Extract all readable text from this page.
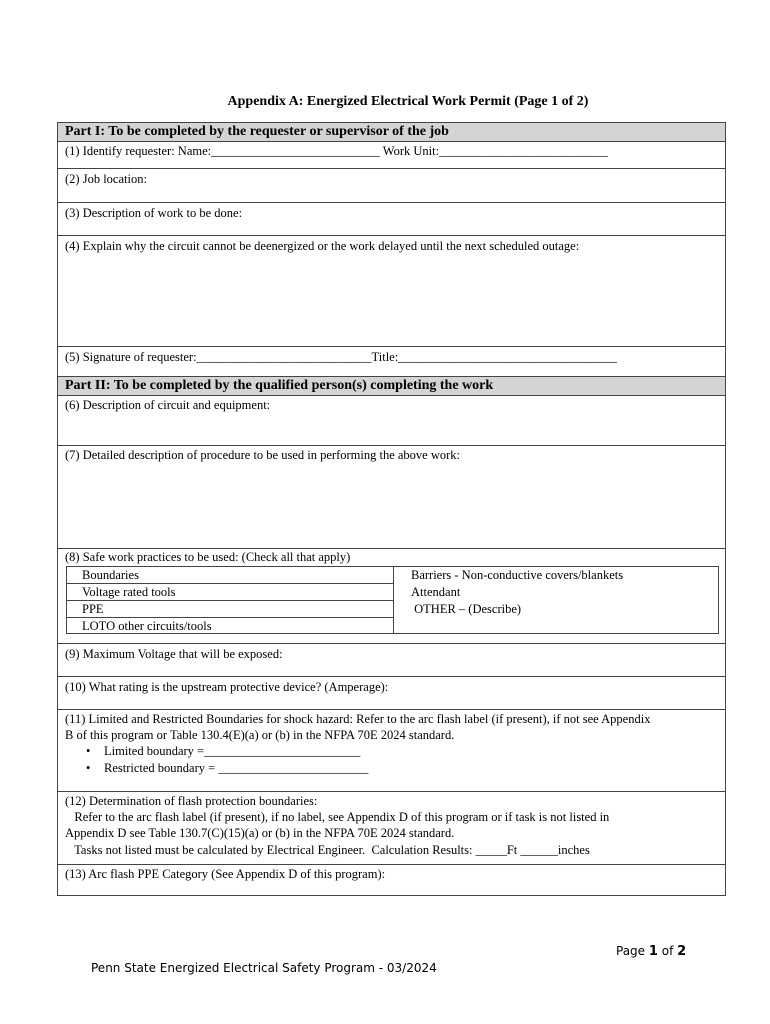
Appendix A: Energized Electrical Work Permit (Page 1 of 2)
Part I: To be completed by the requester or supervisor of the job
(1) Identify requester: Name:___________________________ Work Unit:___________________________
(2) Job location:
(3) Description of work to be done:
(4) Explain why the circuit cannot be deenergized or the work delayed until the next scheduled outage:
(5) Signature of requester:____________________________Title:___________________________________
Part II: To be completed by the qualified person(s) completing the work
(6) Description of circuit and equipment:
(7) Detailed description of procedure to be used in performing the above work:
(8) Safe work practices to be used: (Check all that apply)
Boundaries
Voltage rated tools
PPE
LOTO other circuits/tools
Barriers - Non-conductive covers/blankets
Attendant
OTHER – (Describe)
(9) Maximum Voltage that will be exposed:
(10) What rating is the upstream protective device? (Amperage):
(11) Limited and Restricted Boundaries for shock hazard: Refer to the arc flash label (if present), if not see Appendix
B of this program or Table 130.4(E)(a) or (b) in the NFPA 70E 2024 standard.
• Limited boundary =_________________________
• Restricted boundary = ________________________
(12) Determination of flash protection boundaries:
Refer to the arc flash label (if present), if no label, see Appendix D of this program or if task is not listed in
Appendix D see Table 130.7(C)(15)(a) or (b) in the NFPA 70E 2024 standard.
Tasks not listed must be calculated by Electrical Engineer.  Calculation Results: _____Ft ______inches
(13) Arc flash PPE Category (See Appendix D of this program):
Page 1 of 2
Penn State Energized Electrical Safety Program - 03/2024
